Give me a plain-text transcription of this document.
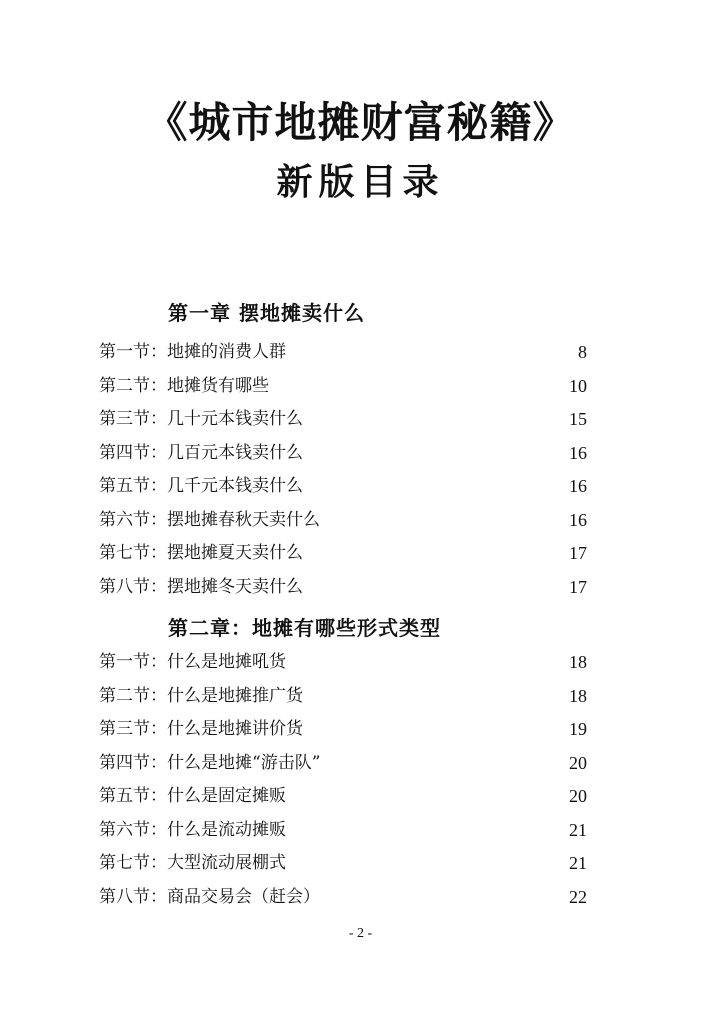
《城市地摊财富秘籍》
新版目录
第一章 摆地摊卖什么
第一节：地摊的消费人群	8
第二节：地摊货有哪些	10
第三节：几十元本钱卖什么	15
第四节：几百元本钱卖什么	16
第五节：几千元本钱卖什么	16
第六节：摆地摊春秋天卖什么	16
第七节：摆地摊夏天卖什么	17
第八节：摆地摊冬天卖什么	17
第二章：地摊有哪些形式类型
第一节：什么是地摊吼货	18
第二节：什么是地摊推广货	18
第三节：什么是地摊讲价货	19
第四节：什么是地摊“游击队”	20
第五节：什么是固定摊贩	20
第六节：什么是流动摊贩	21
第七节：大型流动展棚式	21
第八节：商品交易会（赶会）	22
- 2 -
